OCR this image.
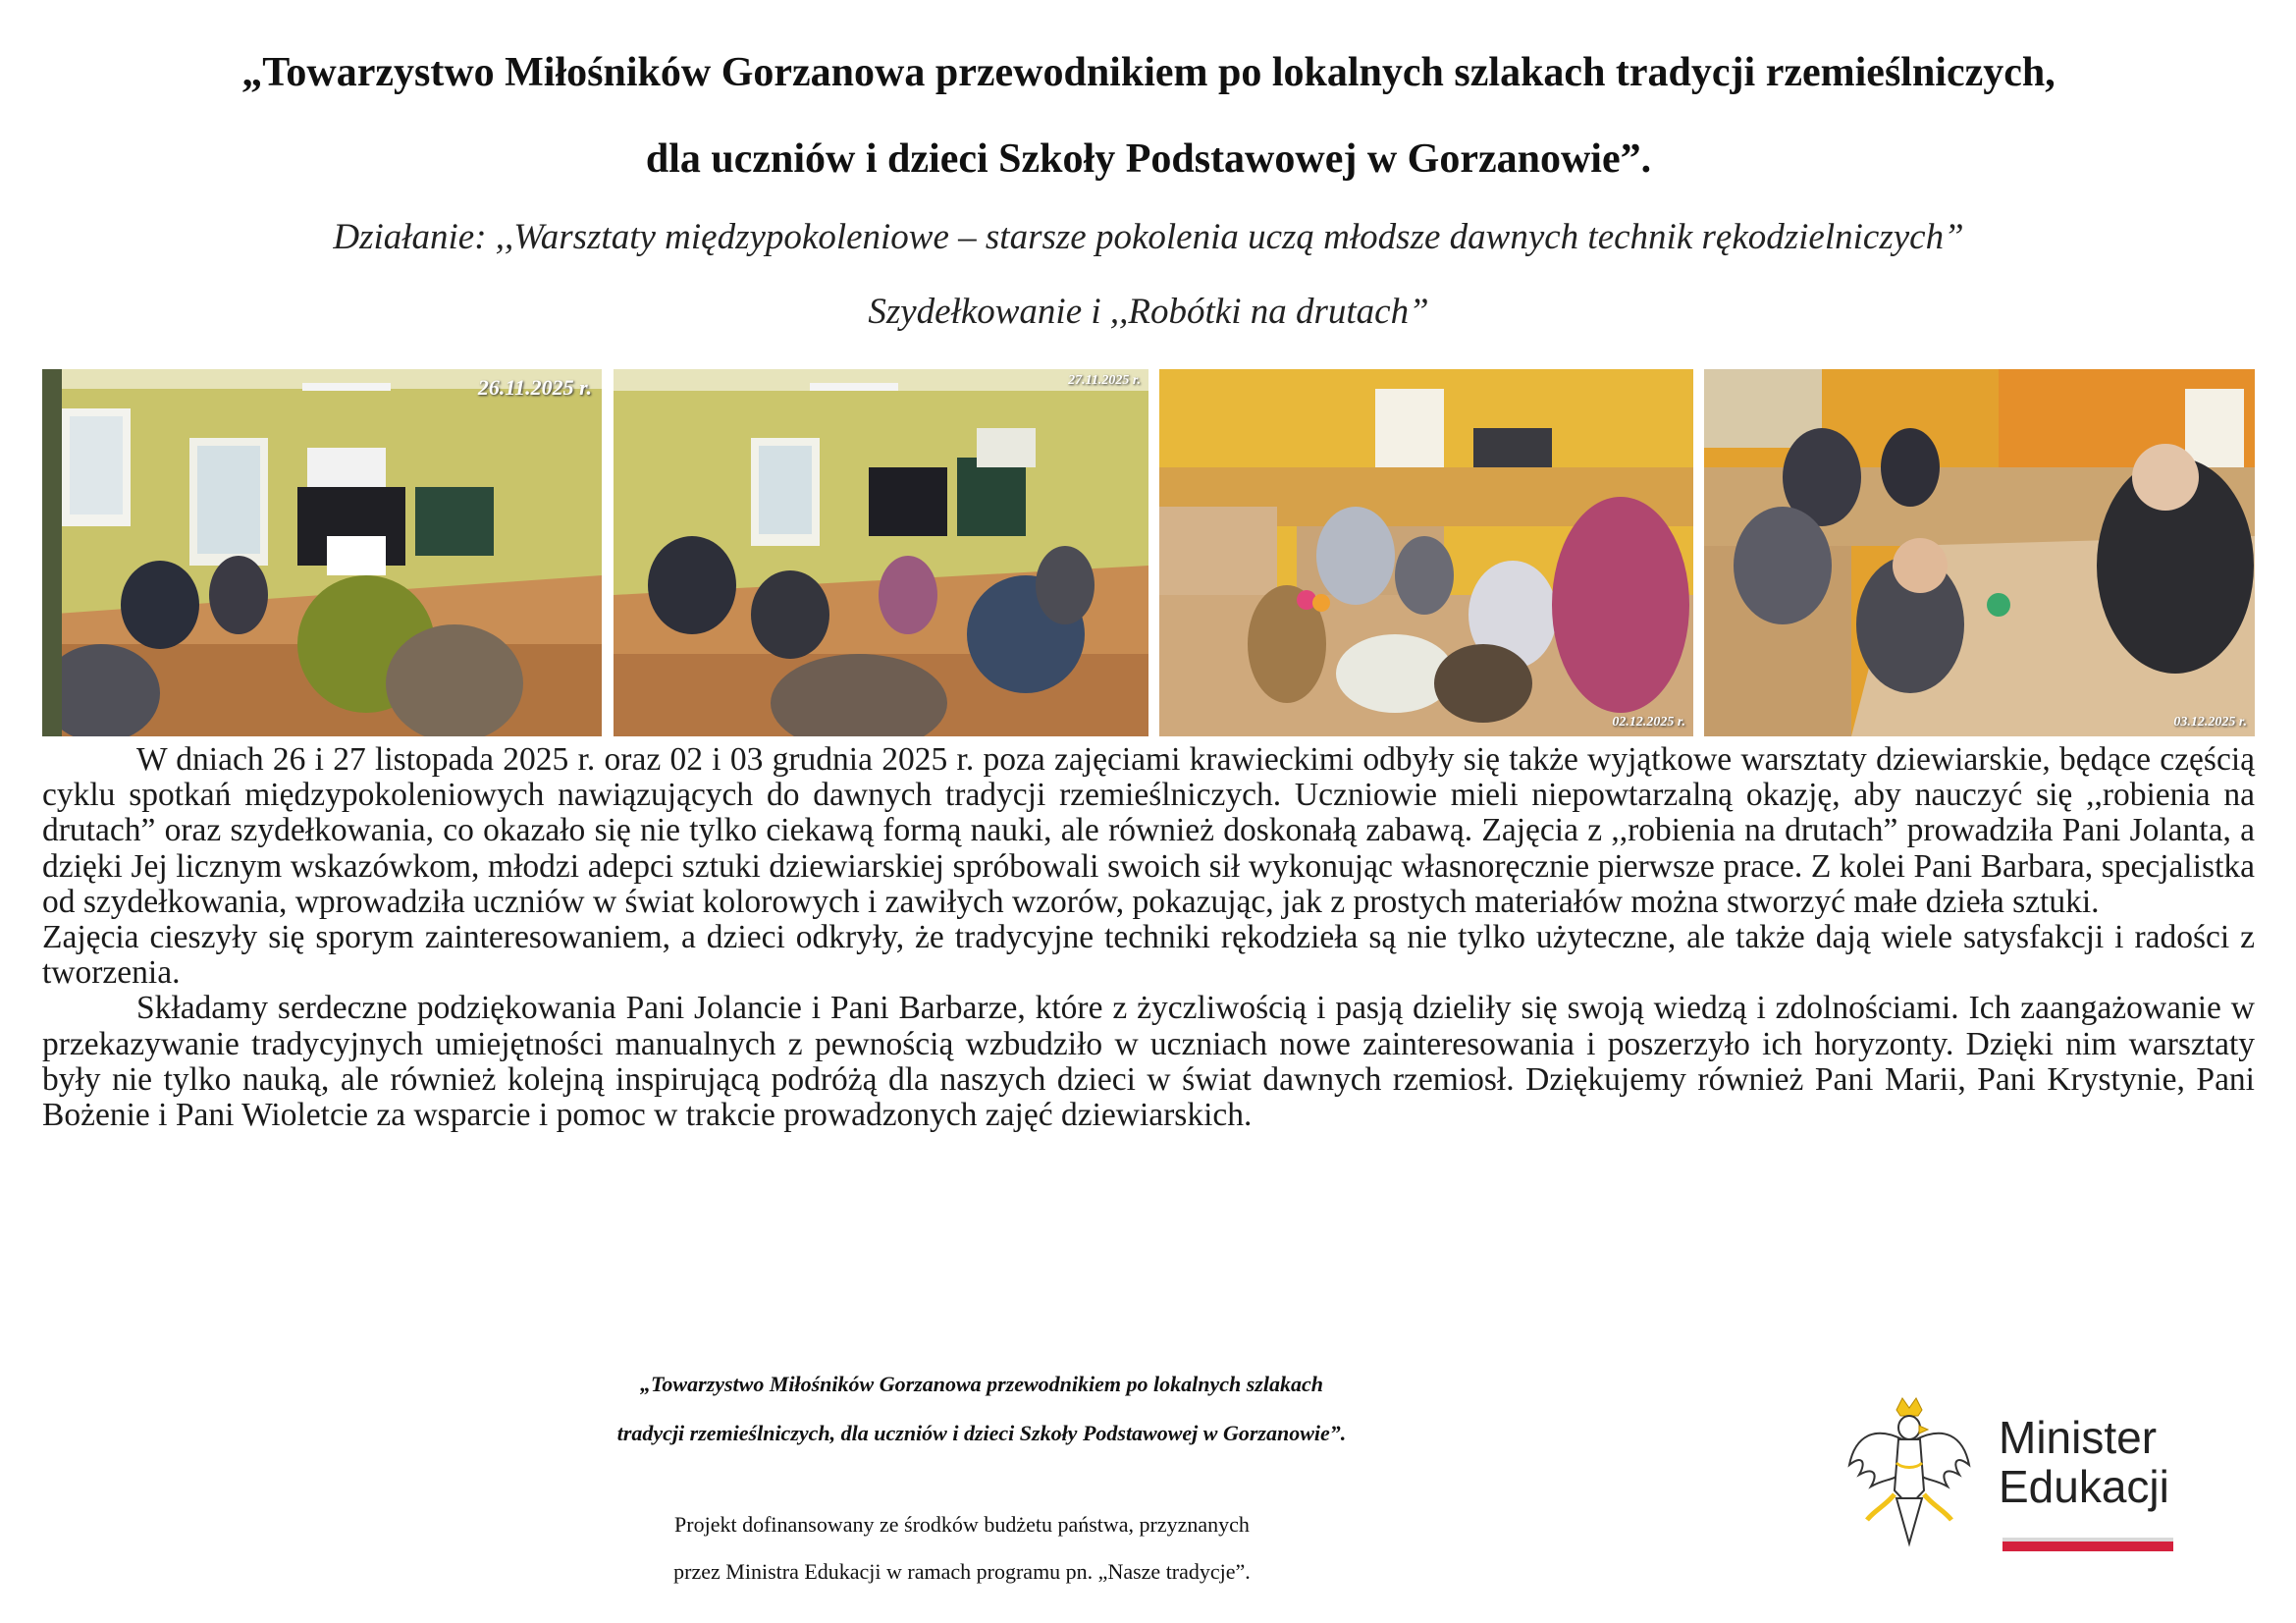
„Towarzystwo Miłośników Gorzanowa przewodnikiem po lokalnych szlakach tradycji rzemieślniczych,
dla uczniów i dzieci Szkoły Podstawowej w Gorzanowie”.
Działanie: ,,Warsztaty międzypokoleniowe – starsze pokolenia uczą młodsze dawnych technik rękodzielniczych”
Szydełkowanie i ,,Robótki na drutach”
26.11.2025 r.	27.11.2025 r.
02.12.2025 r.	03.12.2025 r.

W dniach 26 i 27 listopada 2025 r. oraz 02 i 03 grudnia 2025 r. poza zajęciami krawieckimi odbyły się także wyjątkowe warsztaty dziewiarskie, będące częścią cyklu spotkań międzypokoleniowych nawiązujących do dawnych tradycji rzemieślniczych. Uczniowie mieli niepowtarzalną okazję, aby nauczyć się ,,robienia na drutach” oraz szydełkowania, co okazało się nie tylko ciekawą formą nauki, ale również doskonałą zabawą. Zajęcia z ,,robienia na drutach” prowadziła Pani Jolanta, a dzięki Jej licznym wskazówkom, młodzi adepci sztuki dziewiarskiej spróbowali swoich sił wykonując własnoręcznie pierwsze prace. Z kolei Pani Barbara, specjalistka od szydełkowania, wprowadziła uczniów w świat kolorowych i zawiłych wzorów, pokazując, jak z prostych materiałów można stworzyć małe dzieła sztuki.

Zajęcia cieszyły się sporym zainteresowaniem, a dzieci odkryły, że tradycyjne techniki rękodzieła są nie tylko użyteczne, ale także dają wiele satysfakcji i radości z tworzenia.

Składamy serdeczne podziękowania Pani Jolancie i Pani Barbarze, które z życzliwością i pasją dzieliły się swoją wiedzą i zdolnościami. Ich zaangażowanie w przekazywanie tradycyjnych umiejętności manualnych z pewnością wzbudziło w uczniach nowe zainteresowania i poszerzyło ich horyzonty. Dzięki nim warsztaty były nie tylko nauką, ale również kolejną inspirującą podróżą dla naszych dzieci w świat dawnych rzemiosł. Dziękujemy również Pani Marii, Pani Krystynie, Pani Bożenie i Pani Wioletcie za wsparcie i pomoc w trakcie prowadzonych zajęć dziewiarskich.

„Towarzystwo Miłośników Gorzanowa przewodnikiem po lokalnych szlakach
tradycji rzemieślniczych, dla uczniów i dzieci Szkoły Podstawowej w Gorzanowie”.
Projekt dofinansowany ze środków budżetu państwa, przyznanych
przez Ministra Edukacji w ramach programu pn. „Nasze tradycje”.
Minister
Edukacji
